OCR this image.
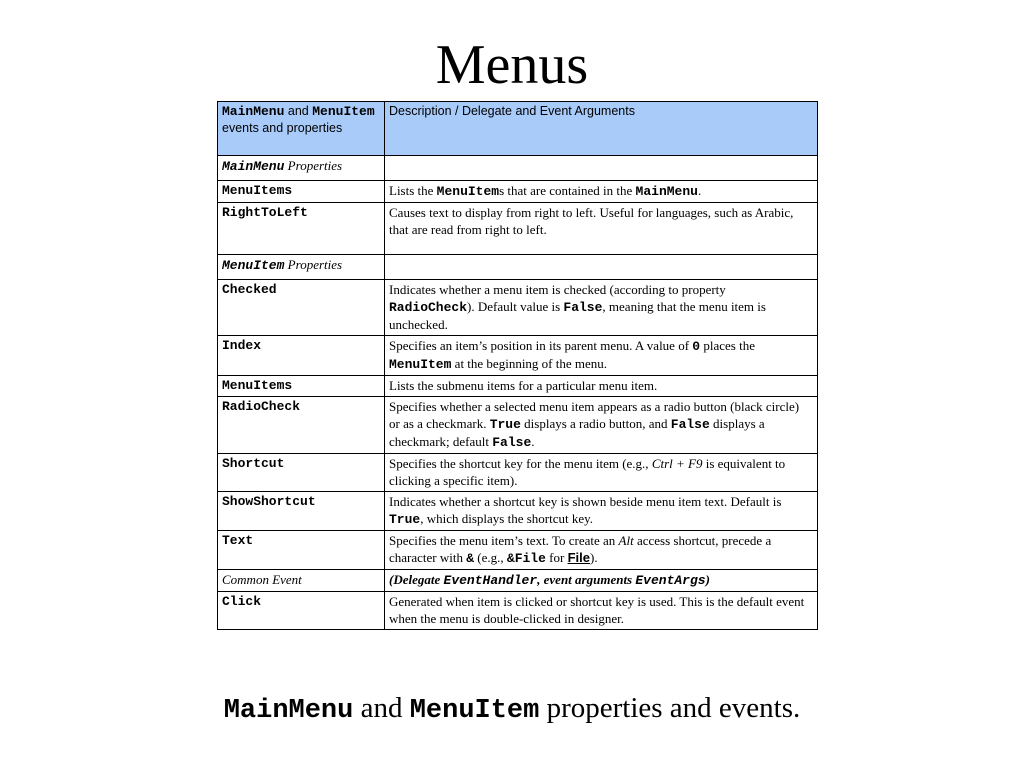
Menus
MainMenu and MenuItem events and properties	Description / Delegate and Event Arguments
MainMenu Properties	
MenuItems	Lists the MenuItems that are contained in the MainMenu.
RightToLeft	Causes text to display from right to left. Useful for languages, such as Arabic, that are read from right to left.
MenuItem Properties	
Checked	Indicates whether a menu item is checked (according to property RadioCheck). Default value is False, meaning that the menu item is unchecked.
Index	Specifies an item’s position in its parent menu. A value of 0 places the MenuItem at the beginning of the menu.
MenuItems	Lists the submenu items for a particular menu item.
RadioCheck	Specifies whether a selected menu item appears as a radio button (black circle) or as a checkmark. True displays a radio button, and False displays a checkmark; default False.
Shortcut	Specifies the shortcut key for the menu item (e.g., Ctrl + F9 is equivalent to clicking a specific item).
ShowShortcut	Indicates whether a shortcut key is shown beside menu item text. Default is True, which displays the shortcut key.
Text	Specifies the menu item’s text. To create an Alt access shortcut, precede a character with & (e.g., &File for File).
Common Event	(Delegate EventHandler, event arguments EventArgs)
Click	Generated when item is clicked or shortcut key is used. This is the default event when the menu is double-clicked in designer.
MainMenu and MenuItem properties and events.
